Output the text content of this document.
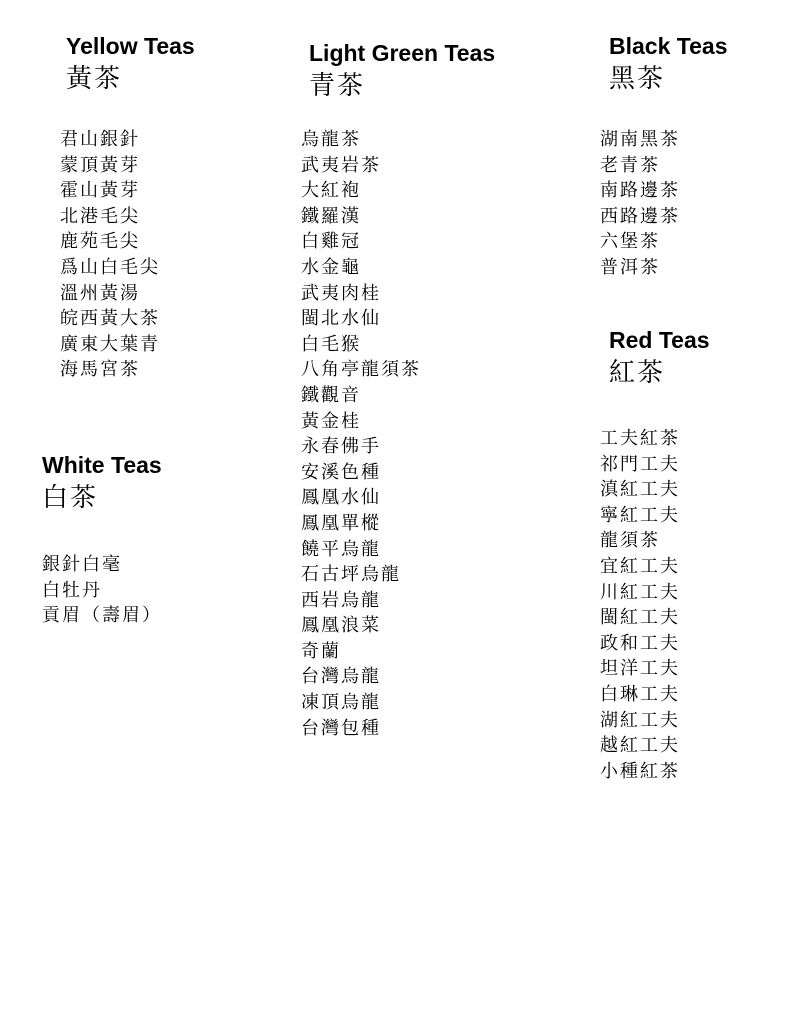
Yellow Teas
黃茶
君山銀針
蒙頂黃芽
霍山黃芽
北港毛尖
鹿苑毛尖
爲山白毛尖
溫州黃湯
皖西黃大茶
廣東大葉青
海馬宮茶
Light Green Teas
青茶
烏龍茶
武夷岩茶
大紅袍
鐵羅漢
白雞冠
水金龜
武夷肉桂
閩北水仙
白毛猴
八角亭龍須茶
鐵觀音
黃金桂
永春佛手
安溪色種
鳳凰水仙
鳳凰單樅
饒平烏龍
石古坪烏龍
西岩烏龍
鳳凰浪菜
奇蘭
台灣烏龍
凍頂烏龍
台灣包種
Black Teas
黑茶
湖南黑茶
老青茶
南路邊茶
西路邊茶
六堡茶
普洱茶
White Teas
白茶
銀針白毫
白牡丹
貢眉（壽眉）
Red Teas
紅茶
工夫紅茶
祁門工夫
滇紅工夫
寧紅工夫
龍須茶
宜紅工夫
川紅工夫
閩紅工夫
政和工夫
坦洋工夫
白琳工夫
湖紅工夫
越紅工夫
小種紅茶
